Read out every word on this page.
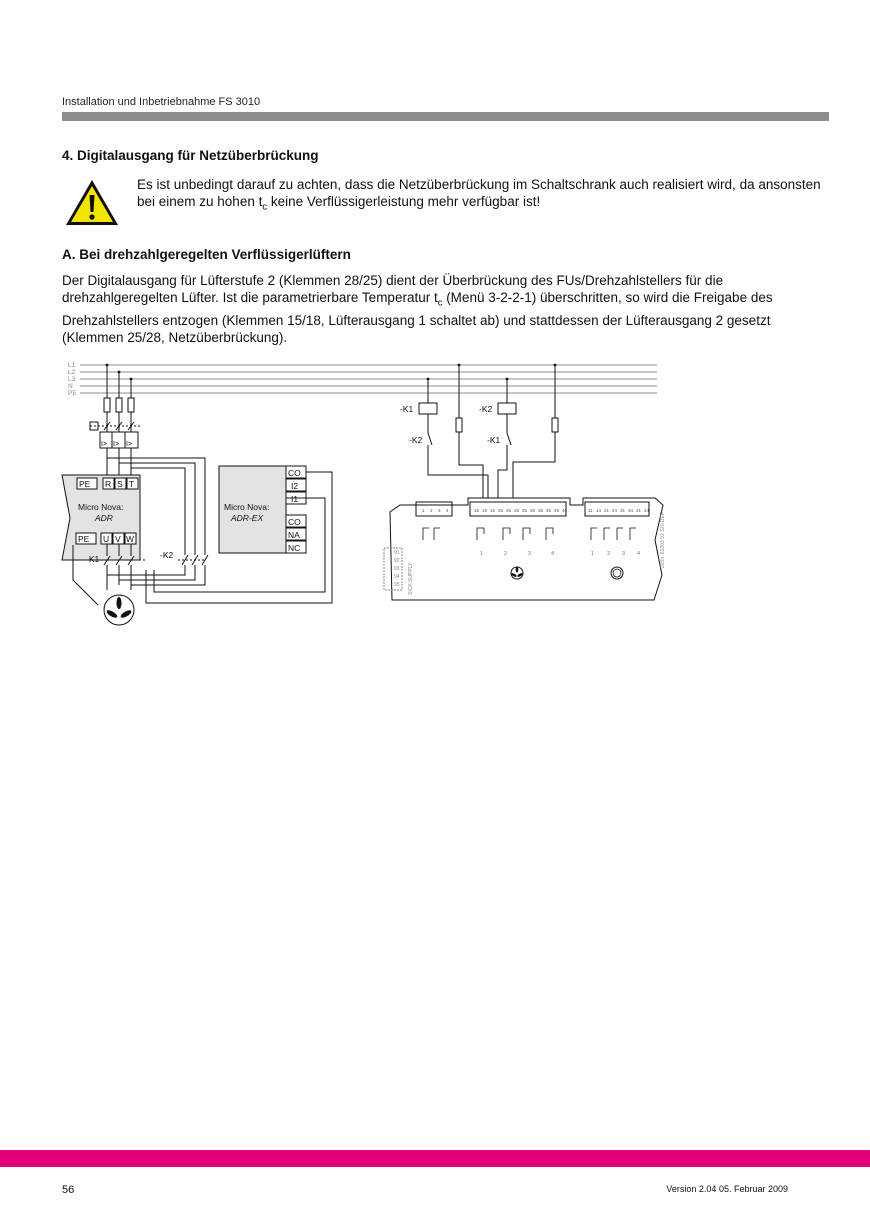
Installation und Inbetriebnahme FS 3010
4. Digitalausgang für Netzüberbrückung
Es ist unbedingt darauf zu achten, dass die Netzüberbrückung im Schaltschrank auch realisiert wird, da ansonsten bei einem zu hohen $t_c$ keine Verflüssigerleistung mehr verfügbar ist!
A. Bei drehzahlgeregelten Verflüssigerlüftern
Der Digitalausgang für Lüfterstufe 2 (Klemmen 28/25) dient der Überbrückung des FUs/Drehzahlstellers für die drehzahlgeregelten Lüfter. Ist die parametrierbare Temperatur $t_c$ (Menü 3-2-2-1) überschritten, so wird die Freigabe des Drehzahlstellers entzogen (Klemmen 15/18, Lüfterausgang 1 schaltet ab) und stattdessen der Lüfterausgang 2 gesetzt (Klemmen 25/28, Netzüberbrückung).
L1
L2
L3
N
PE
I> I> I>
PE R S T
PE U V W
Micro Nova:
ADR
CO
I2
I1
CO
NA
NC
Micro Nova:
ADR-EX
-K1	-K2
-K1	-K2
-K2	-K1
1 2 3 4	15 18 16 25 28 26 35 38 36 45 48 46	11 14 21 24 31 34 41 44
1	2	3	4	1 2 3 4
91
92
93
94
95 SICK SUPPLY
Zchn. 51003 92 320 DEF
56	Version 2.04 05. Februar 2009
